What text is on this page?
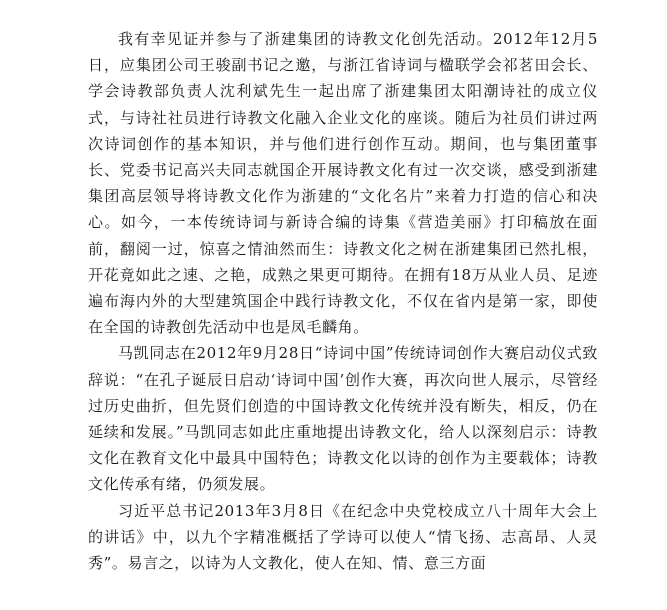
我有幸见证并参与了浙建集团的诗教文化创先活动。2012年12月5日，应集团公司王骏副书记之邀，与浙江省诗词与楹联学会祁茗田会长、学会诗教部负责人沈利斌先生一起出席了浙建集团太阳潮诗社的成立仪式，与诗社社员进行诗教文化融入企业文化的座谈。随后为社员们讲过两次诗词创作的基本知识，并与他们进行创作互动。期间，也与集团董事长、党委书记高兴夫同志就国企开展诗教文化有过一次交谈，感受到浙建集团高层领导将诗教文化作为浙建的“文化名片”来着力打造的信心和决心。如今，一本传统诗词与新诗合编的诗集《营造美丽》打印稿放在面前，翻阅一过，惊喜之情油然而生：诗教文化之树在浙建集团已然扎根，开花竟如此之速、之艳，成熟之果更可期待。在拥有18万从业人员、足迹遍布海内外的大型建筑国企中践行诗教文化，不仅在省内是第一家，即使在全国的诗教创先活动中也是凤毛麟角。

马凯同志在2012年9月28日“诗词中国”传统诗词创作大赛启动仪式致辞说：“在孔子诞辰日启动‘诗词中国’创作大赛，再次向世人展示，尽管经过历史曲折，但先贤们创造的中国诗教文化传统并没有断失，相反，仍在延续和发展。”马凯同志如此庄重地提出诗教文化，给人以深刻启示：诗教文化在教育文化中最具中国特色；诗教文化以诗的创作为主要载体；诗教文化传承有绪，仍须发展。

习近平总书记2013年3月8日《在纪念中央党校成立八十周年大会上的讲话》中，以九个字精准概括了学诗可以使人“情飞扬、志高昂、人灵秀”。易言之，以诗为人文教化，使人在知、情、意三方面
